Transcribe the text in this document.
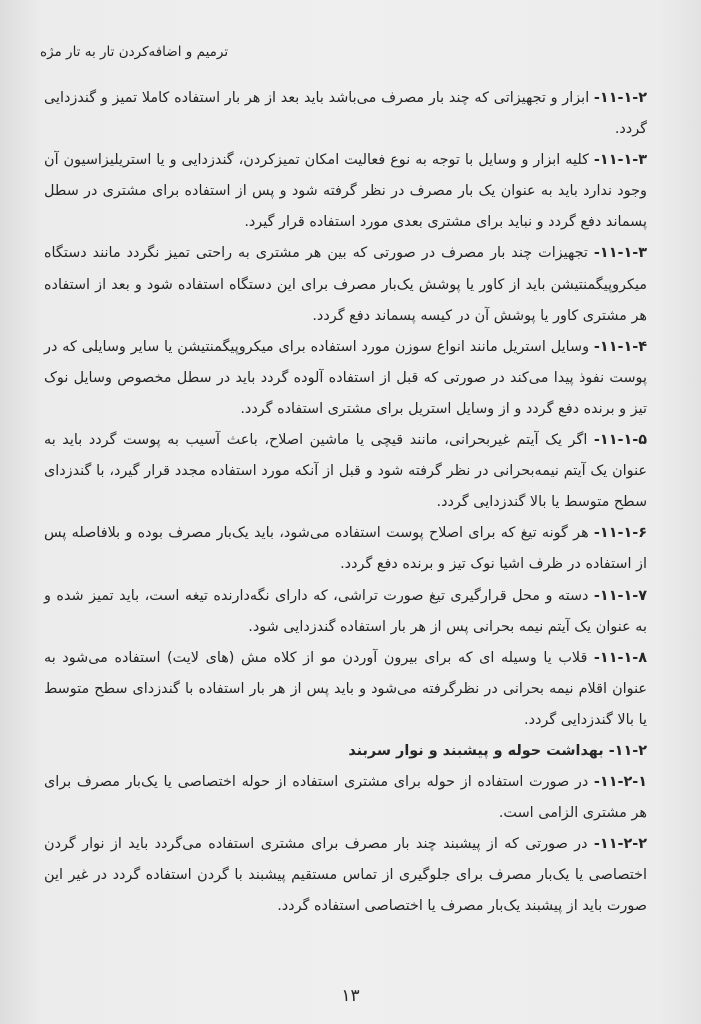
ترمیم و اضافه‌کردن تار به تار مژه

۱۱-۱-۲- ابزار و تجهیزاتی که چند بار مصرف می‌باشد باید بعد از هر بار استفاده کاملا تمیز و گندزدایی گردد.

۱۱-۱-۳- کلیه ابزار و وسایل با توجه به نوع فعالیت امکان تمیزکردن، گندزدایی و یا استریلیزاسیون آن وجود ندارد باید به عنوان یک بار مصرف در نظر گرفته شود و پس از استفاده برای مشتری در سطل پسماند دفع گردد و نباید برای مشتری بعدی مورد استفاده قرار گیرد.

۱۱-۱-۳- تجهیزات چند بار مصرف در صورتی که بین هر مشتری به راحتی تمیز نگردد مانند دستگاه میکروپیگمنتیشن باید از کاور یا پوشش یک‌بار مصرف برای این دستگاه استفاده شود و بعد از استفاده هر مشتری کاور یا پوشش آن در کیسه پسماند دفع گردد.

۱۱-۱-۴- وسایل استریل مانند انواع سوزن مورد استفاده برای میکروپیگمنتیشن یا سایر وسایلی که در پوست نفوذ پیدا می‌کند در صورتی که قبل از استفاده آلوده گردد باید در سطل مخصوص وسایل نوک تیز و برنده دفع گردد و از وسایل استریل برای مشتری استفاده گردد.

۱۱-۱-۵- اگر یک آیتم غیربحرانی، مانند قیچی یا ماشین اصلاح، باعث آسیب به پوست گردد باید به عنوان یک آیتم نیمه‌بحرانی در نظر گرفته شود و قبل از آنکه مورد استفاده مجدد قرار گیرد، با گندزدای سطح متوسط یا بالا گندزدایی گردد.

۱۱-۱-۶- هر گونه تیغ که برای اصلاح پوست استفاده می‌شود، باید یک‌بار مصرف بوده و بلافاصله پس از استفاده در ظرف اشیا نوک تیز و برنده دفع گردد.

۱۱-۱-۷- دسته و محل قرارگیری تیغ صورت تراشی، که دارای نگه‌دارنده تیغه است، باید تمیز شده و به عنوان یک آیتم نیمه بحرانی پس از هر بار استفاده گندزدایی شود.

۱۱-۱-۸- قلاب یا وسیله ای که برای بیرون آوردن مو از کلاه مش (های لایت) استفاده می‌شود به عنوان اقلام نیمه بحرانی در نظرگرفته می‌شود و باید پس از هر بار استفاده با گندزدای سطح متوسط یا بالا گندزدایی گردد.

۱۱-۲- بهداشت حوله و پیشبند و نوار سربند

۱۱-۲-۱- در صورت استفاده از حوله برای مشتری استفاده از حوله اختصاصی یا یک‌بار مصرف برای هر مشتری الزامی است.

۱۱-۲-۲- در صورتی که از پیشبند چند بار مصرف برای مشتری استفاده می‌گردد باید از نوار گردن اختصاصی یا یک‌بار مصرف برای جلوگیری از تماس مستقیم پیشبند با گردن استفاده گردد در غیر این صورت باید از پیشبند یک‌بار مصرف یا اختصاصی استفاده گردد.

۱۳
